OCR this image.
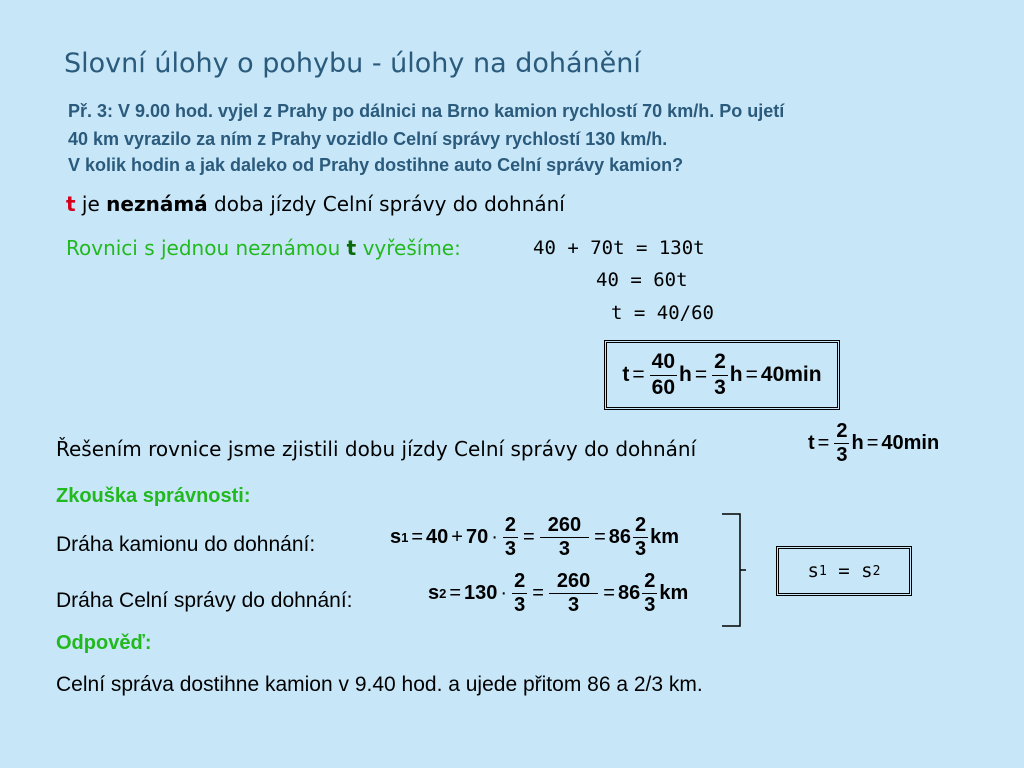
Slovní úlohy o pohybu - úlohy na dohánění
Př. 3: V 9.00 hod. vyjel z Prahy po dálnici na Brno kamion rychlostí 70 km/h. Po ujetí
40 km vyrazilo za ním z Prahy vozidlo Celní správy rychlostí 130 km/h.
V kolik hodin a jak daleko od Prahy dostihne auto Celní správy kamion?
t je neznámá doba jízdy Celní správy do dohnání
Rovnici s jednou neznámou t vyřešíme:	40 + 70t = 130t
40 = 60t
t = 40/60
$t = \frac{40}{60}$ $h = \frac{2}{3}$ h = 40min
Řešením rovnice jsme zjistili dobu jízdy Celní správy do dohnání	$t = \frac{2}{3}$ h = 40min
Zkouška správnosti:
Dráha kamionu do dohnání:	s $1 = 40 + 70 \cdot \frac{2}{3} = \frac{260}{3} = 86 \frac{2}{3}$ km
Dráha Celní správy do dohnání:	s $2 = 130 \cdot \frac{2}{3} = \frac{260}{3} = 86 \frac{2}{3}$ km
s 1 = s 2
Odpověď:
Celní správa dostihne kamion v 9.40 hod. a ujede přitom 86 a 2/3 km.
